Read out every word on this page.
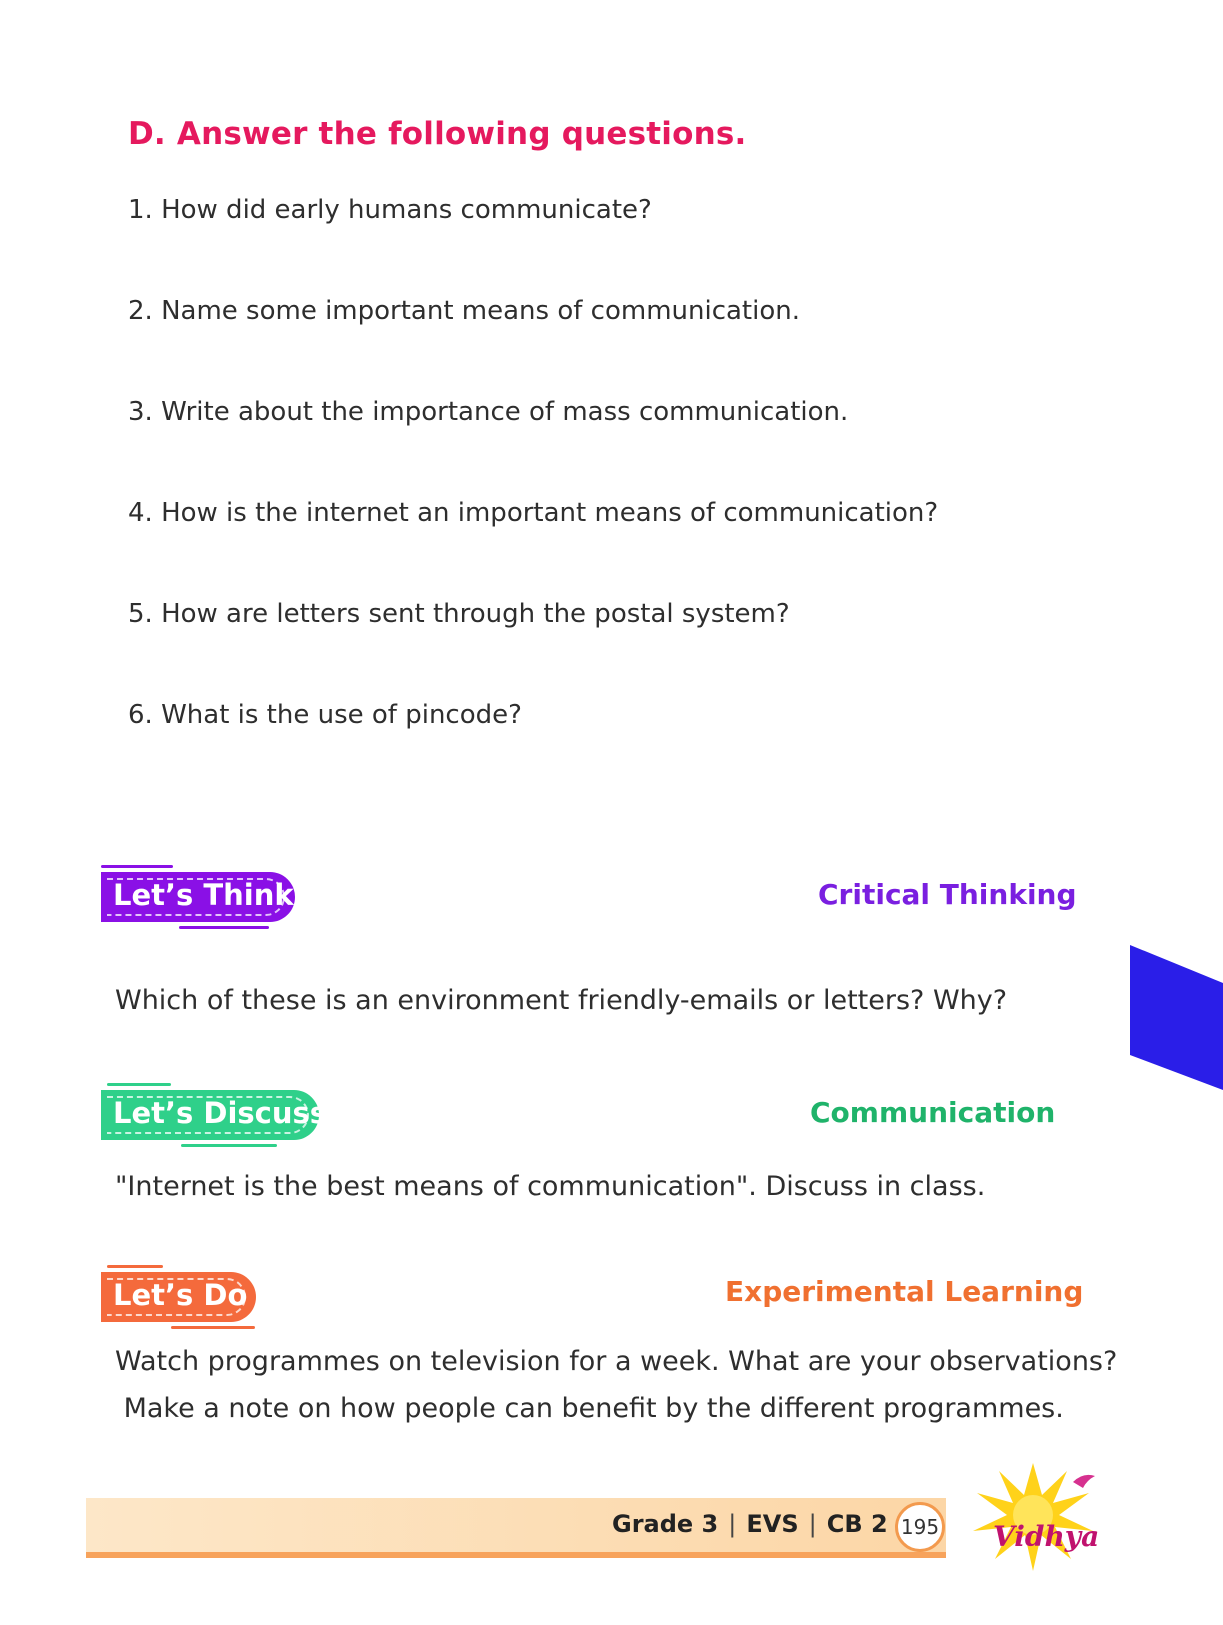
D. Answer the following questions.
1. How did early humans communicate?
2. Name some important means of communication.
3. Write about the importance of mass communication.
4. How is the internet an important means of communication?
5. How are letters sent through the postal system?
6. What is the use of pincode?
Let’s Think	Critical Thinking
Which of these is an environment friendly-emails or letters? Why?
Let’s Discuss	Communication
"Internet is the best means of communication". Discuss in class.
Let’s Do	Experimental Learning
Watch programmes on television for a week. What are your observations?
Make a note on how people can benefit by the different programmes.
Grade 3 | EVS | CB 2 195 Vidhya
